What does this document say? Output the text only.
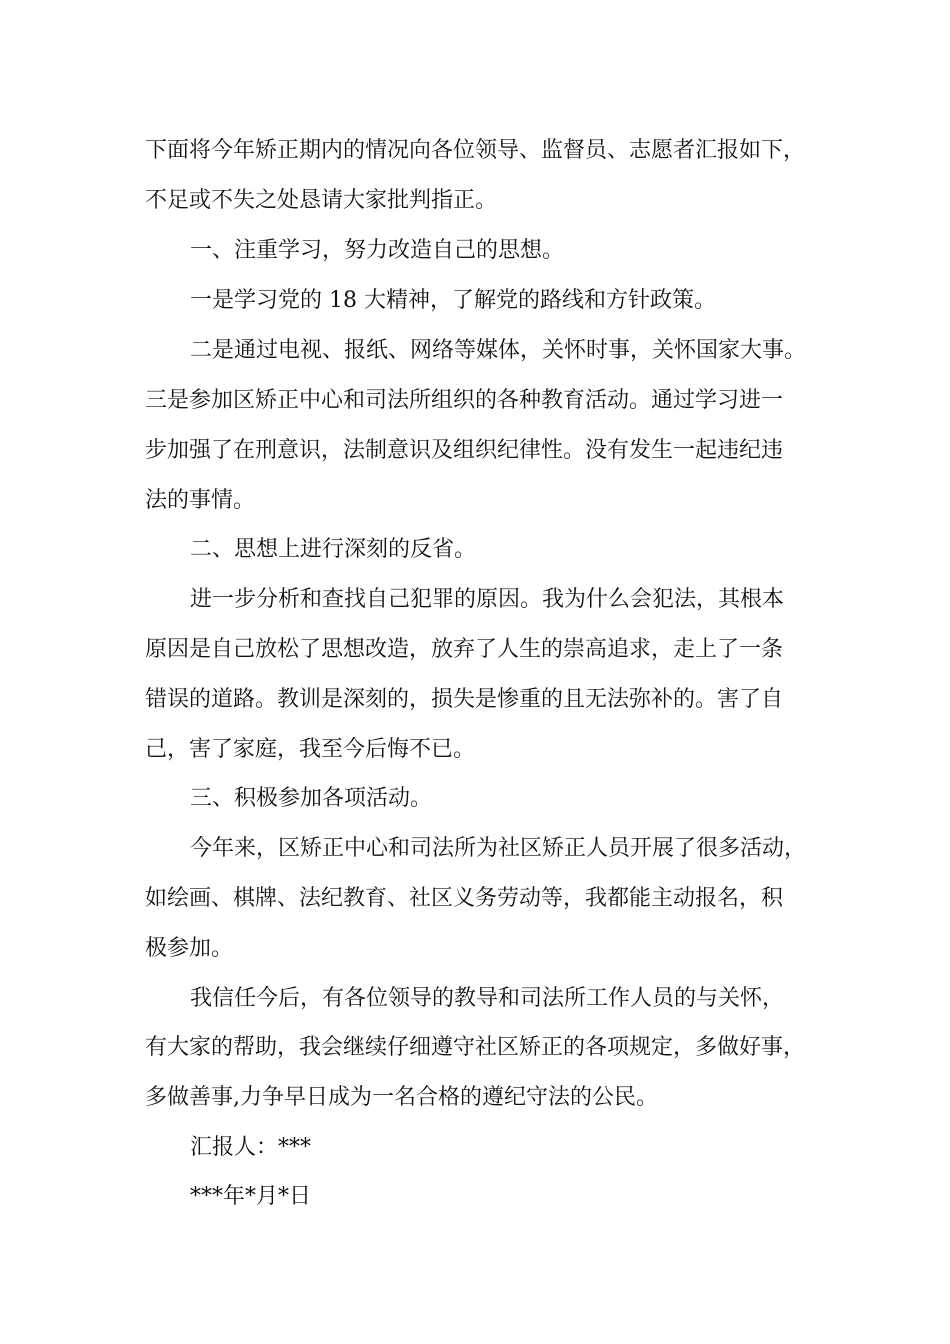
下面将今年矫正期内的情况向各位领导、监督员、志愿者汇报如下，
不足或不失之处恳请大家批判指正。
一、注重学习，努力改造自己的思想。
一是学习党的 18 大精神，了解党的路线和方针政策。
二是通过电视、报纸、网络等媒体，关怀时事，关怀国家大事。
三是参加区矫正中心和司法所组织的各种教育活动。通过学习进一
步加强了在刑意识，法制意识及组织纪律性。没有发生一起违纪违
法的事情。
二、思想上进行深刻的反省。
进一步分析和查找自己犯罪的原因。我为什么会犯法，其根本
原因是自己放松了思想改造，放弃了人生的崇高追求，走上了一条
错误的道路。教训是深刻的，损失是惨重的且无法弥补的。害了自
己，害了家庭，我至今后悔不已。
三、积极参加各项活动。
今年来，区矫正中心和司法所为社区矫正人员开展了很多活动，
如绘画、棋牌、法纪教育、社区义务劳动等，我都能主动报名，积
极参加。
我信任今后，有各位领导的教导和司法所工作人员的与关怀，
有大家的帮助，我会继续仔细遵守社区矫正的各项规定，多做好事，
多做善事,力争早日成为一名合格的遵纪守法的公民。
汇报人：***
***年*月*日
